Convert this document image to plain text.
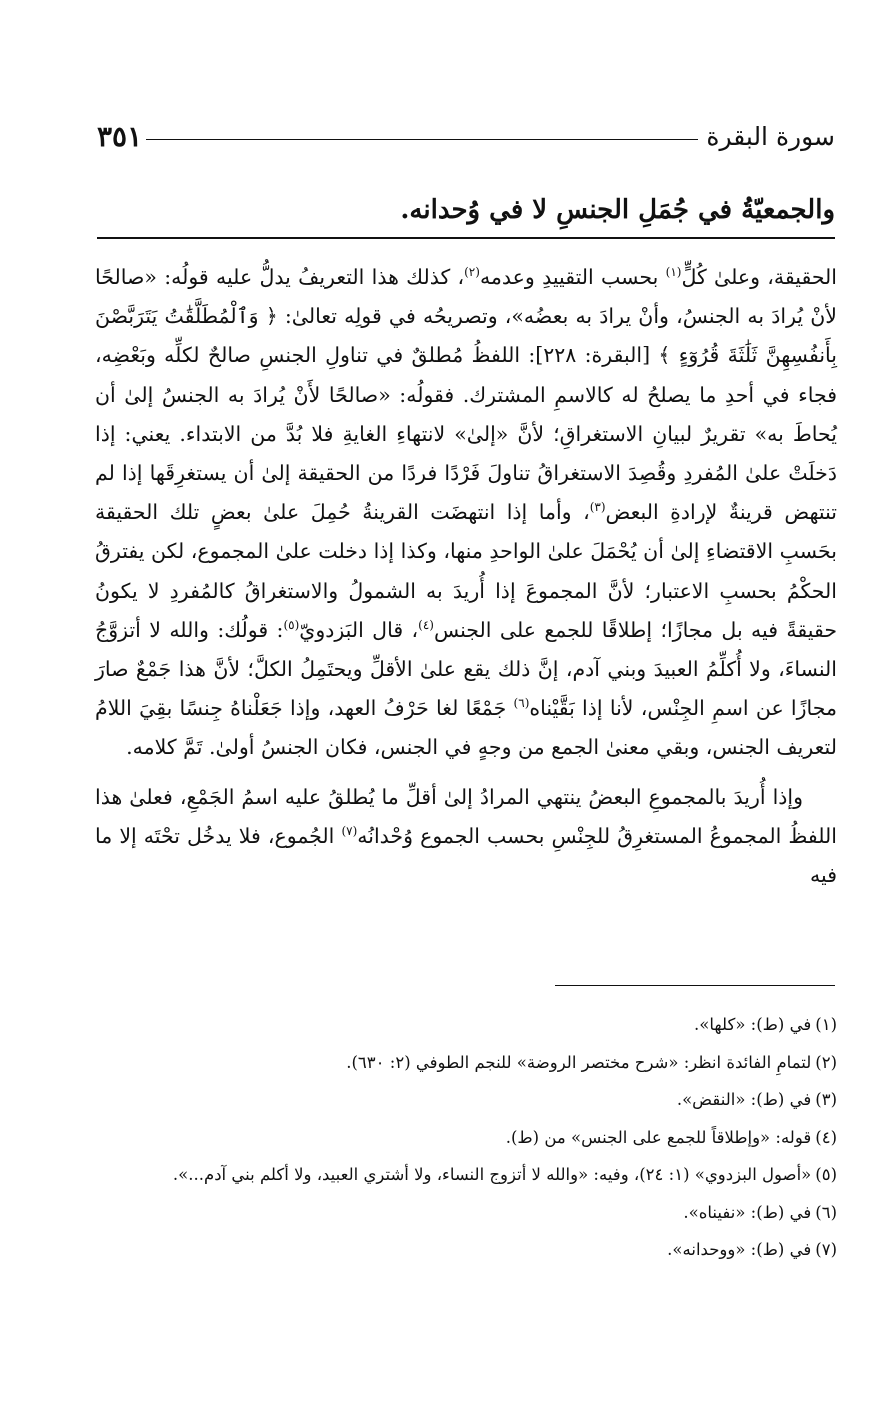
سورة البقرة
٣٥١
والجمعيّةُ في جُمَلِ الجنسِ لا في وُحدانه.

الحقيقة، وعلىٰ كُلٍّ$^{(١)}$ بحسب التقييدِ وعدمه$^{(٢)}$، كذلك هذا التعريفُ يدلُّ عليه قولُه: «صالحًا لأنْ يُرادَ به الجنسُ، وأنْ يرادَ به بعضُه»، وتصريحُه في قولِه تعالىٰ: ﴿ وَٱلْمُطَلَّقَٰتُ يَتَرَبَّصْنَ بِأَنفُسِهِنَّ ثَلَٰثَةَ قُرُوٓءٍ ﴾ [البقرة: ٢٢٨]: اللفظُ مُطلقٌ في تناولِ الجنسِ صالحٌ لكلِّه وبَعْضِه، فجاء في أحدِ ما يصلحُ له كالاسمِ المشترك. فقولُه: «صالحًا لأَنْ يُرادَ به الجنسُ إلىٰ أن يُحاطَ به» تقريرٌ لبيانِ الاستغراقِ؛ لأنَّ «إلىٰ» لانتهاءِ الغايةِ فلا بُدَّ من الابتداء. يعني: إذا دَخلَتْ علىٰ المُفردِ وقُصِدَ الاستغراقُ تناولَ فَرْدًا فردًا من الحقيقة إلىٰ أن يستغرِقَها إذا لم تنتهض قرينةٌ لإرادةِ البعض$^{(٣)}$، وأما إذا انتهضَت القرينةُ حُمِلَ علىٰ بعضٍ تلك الحقيقة بحَسبِ الاقتضاءِ إلىٰ أن يُحْمَلَ علىٰ الواحدِ منها، وكذا إذا دخلت علىٰ المجموع، لكن يفترقُ الحكْمُ بحسبِ الاعتبار؛ لأنَّ المجموعَ إذا أُريدَ به الشمولُ والاستغراقُ كالمُفردِ لا يكونُ حقيقةً فيه بل مجازًا؛ إطلاقًا للجمع على الجنس$^{(٤)}$، قال البَزدويّ$^{(٥)}$: قولُك: والله لا أتزوَّجُ النساءَ، ولا أُكلِّمُ العبيدَ وبني آدم، إنَّ ذلك يقع علىٰ الأقلِّ ويحتَمِلُ الكلَّ؛ لأنَّ هذا جَمْعٌ صارَ مجازًا عن اسمِ الجِنْس، لأنا إذا بَقَّيْناه$^{(٦)}$ جَمْعًا لغا حَرْفُ العهد، وإذا جَعَلْناهُ جِنسًا بقِيَ اللامُ لتعريف الجنس، وبقي معنىٰ الجمع من وجهٍ في الجنس، فكان الجنسُ أولىٰ. تَمَّ كلامه.

وإذا أُريدَ بالمجموعِ البعضُ ينتهي المرادُ إلىٰ أقلِّ ما يُطلقُ عليه اسمُ الجَمْعِ، فعلىٰ هذا اللفظُ المجموعُ المستغرِقُ للجِنْسِ بحسب الجموع وُحْدانُه$^{(٧)}$ الجُموع، فلا يدخُل تحْتَه إلا ما فيه

(١)في (ط): «كلها».
(٢)لتمامِ الفائدة انظر: «شرح مختصر الروضة» للنجم الطوفي (٢: ٦٣٠).
(٣)في (ط): «النقض».
(٤)قوله: «وإطلاقاً للجمع على الجنس» من (ط).
(٥)«أصول البزدوي» (١: ٢٤)، وفيه: «والله لا أتزوج النساء، ولا أشتري العبيد، ولا أكلم بني آدم...».
(٦)في (ط): «نفيناه».
(٧)في (ط): «ووحدانه».
